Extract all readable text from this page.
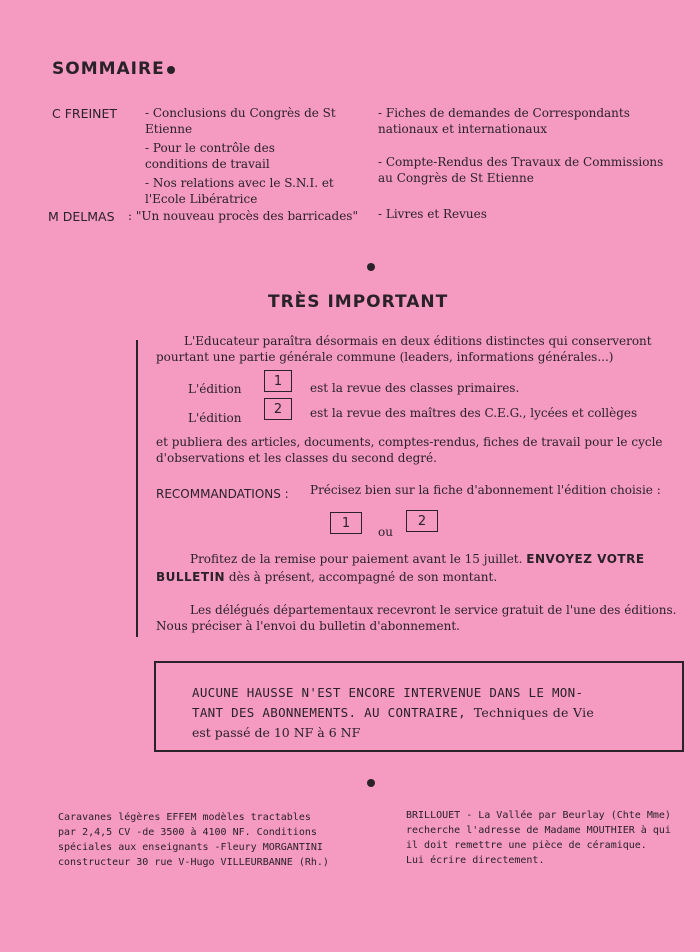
SOMMAIRE
C FREINET - Conclusions du Congrès de St Etienne
- Pour le contrôle des conditions de travail
- Nos relations avec le S.N.I. et l'Ecole Libératrice
M DELMAS : "Un nouveau procès des barricades"
- Fiches de demandes de Correspondants nationaux et internationaux
- Compte-Rendus des Travaux de Commissions au Congrès de St Etienne
- Livres et Revues
TRÈS IMPORTANT
L'Educateur paraîtra désormais en deux éditions distinctes qui conserveront pourtant une partie générale commune (leaders, informations générales...)
L'édition
1	est la revue des classes primaires.
L'édition
2	est la revue des maîtres des C.E.G., lycées et collèges
et publiera des articles, documents, comptes-rendus, fiches de travail pour le cycle d'observations et les classes du second degré.
RECOMMANDATIONS : Précisez bien sur la fiche d'abonnement l'édition choisie :
1
ou
2
Profitez de la remise pour paiement avant le 15 juillet. ENVOYEZ VOTRE BULLETIN dès à présent, accompagné de son montant.
Les délégués départementaux recevront le service gratuit de l'une des éditions. Nous préciser à l'envoi du bulletin d'abonnement.
AUCUNE HAUSSE N'EST ENCORE INTERVENUE DANS LE MON-
TANT DES ABONNEMENTS. AU CONTRAIRE, Techniques de Vie
est passé de 10 NF à 6 NF
Caravanes légères EFFEM modèles tractables
par 2,4,5 CV -de 3500 à 4100 NF. Conditions
spéciales aux enseignants -Fleury MORGANTINI
constructeur 30 rue V-Hugo VILLEURBANNE (Rh.)
BRILLOUET - La Vallée par Beurlay (Chte Mme)
recherche l'adresse de Madame MOUTHIER à qui
il doit remettre une pièce de céramique.
Lui écrire directement.
